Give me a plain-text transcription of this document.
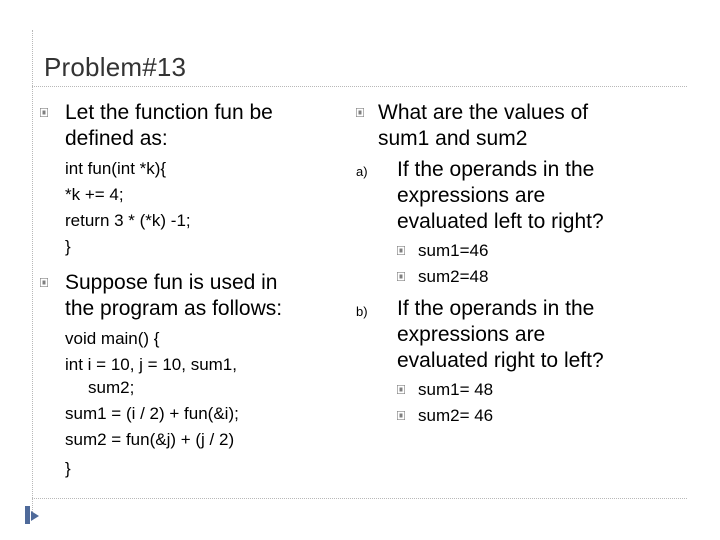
Problem#13
Let the function fun be
defined as:
int fun(int *k){
*k += 4;
return 3 * (*k) -1;
}
Suppose fun is used in
the program as follows:
void main() {
int i = 10, j = 10, sum1,
sum2;
sum1 = (i / 2) + fun(&i);
sum2 = fun(&j) + (j / 2)
}
What are the values of
sum1 and sum2
a) If the operands in the
expressions are
evaluated left to right?
sum1=46
sum2=48
b) If the operands in the
expressions are
evaluated right to left?
sum1= 48
sum2= 46
